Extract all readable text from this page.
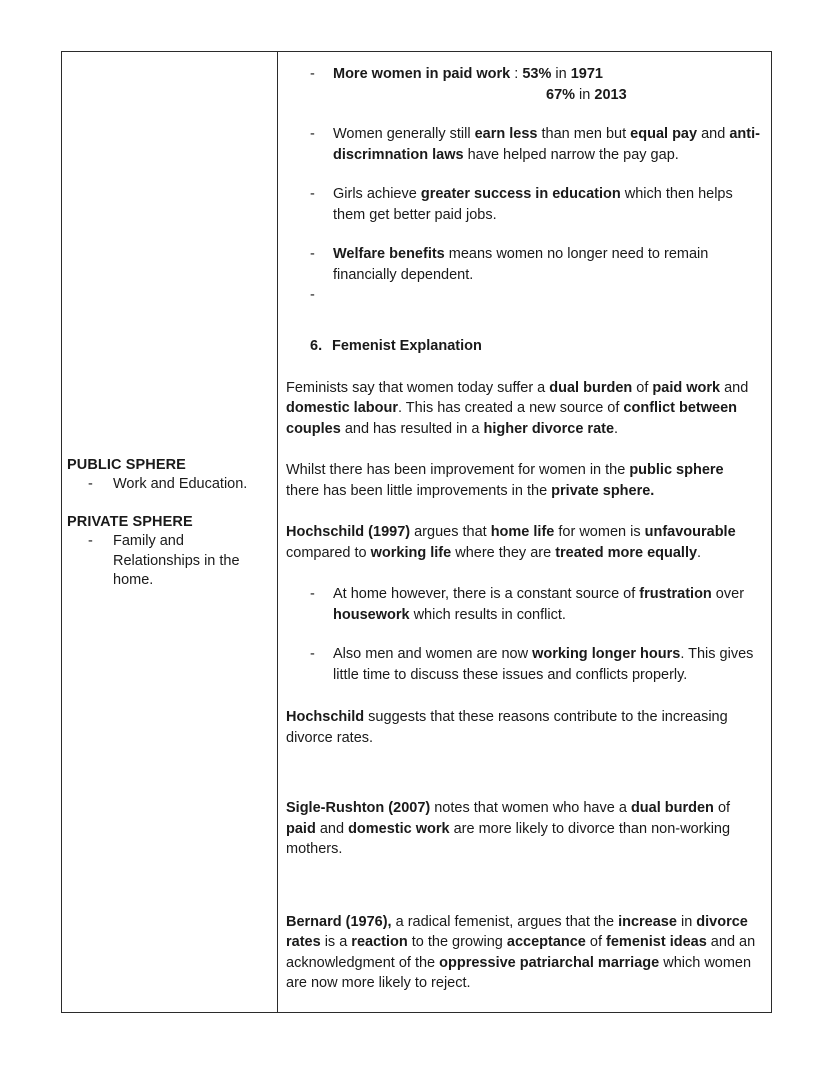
PUBLIC SPHERE
-	Work and Education.
PRIVATE SPHERE
-	Family and Relationships in the home.
-	More women in paid work : 53% in 1971
67% in 2013
-	Women generally still earn less than men but equal pay and anti-discrimnation laws have helped narrow the pay gap.
-	Girls achieve greater success in education which then helps them get better paid jobs.
-	Welfare benefits means women no longer need to remain financially dependent.
-
6. Femenist Explanation

Feminists say that women today suffer a dual burden of paid work and domestic labour. This has created a new source of conflict between couples and has resulted in a higher divorce rate.

Whilst there has been improvement for women in the public sphere there has been little improvements in the private sphere.

Hochschild (1997) argues that home life for women is unfavourable compared to working life where they are treated more equally.

-	At home however, there is a constant source of frustration over housework which results in conflict.
-	Also men and women are now working longer hours. This gives little time to discuss these issues and conflicts properly.

Hochschild suggests that these reasons contribute to the increasing divorce rates.

Sigle-Rushton (2007) notes that women who have a dual burden of paid and domestic work are more likely to divorce than non-working mothers.

Bernard (1976), a radical femenist, argues that the increase in divorce rates is a reaction to the growing acceptance of femenist ideas and an acknowledgment of the oppressive patriarchal marriage which women are now more likely to reject.
